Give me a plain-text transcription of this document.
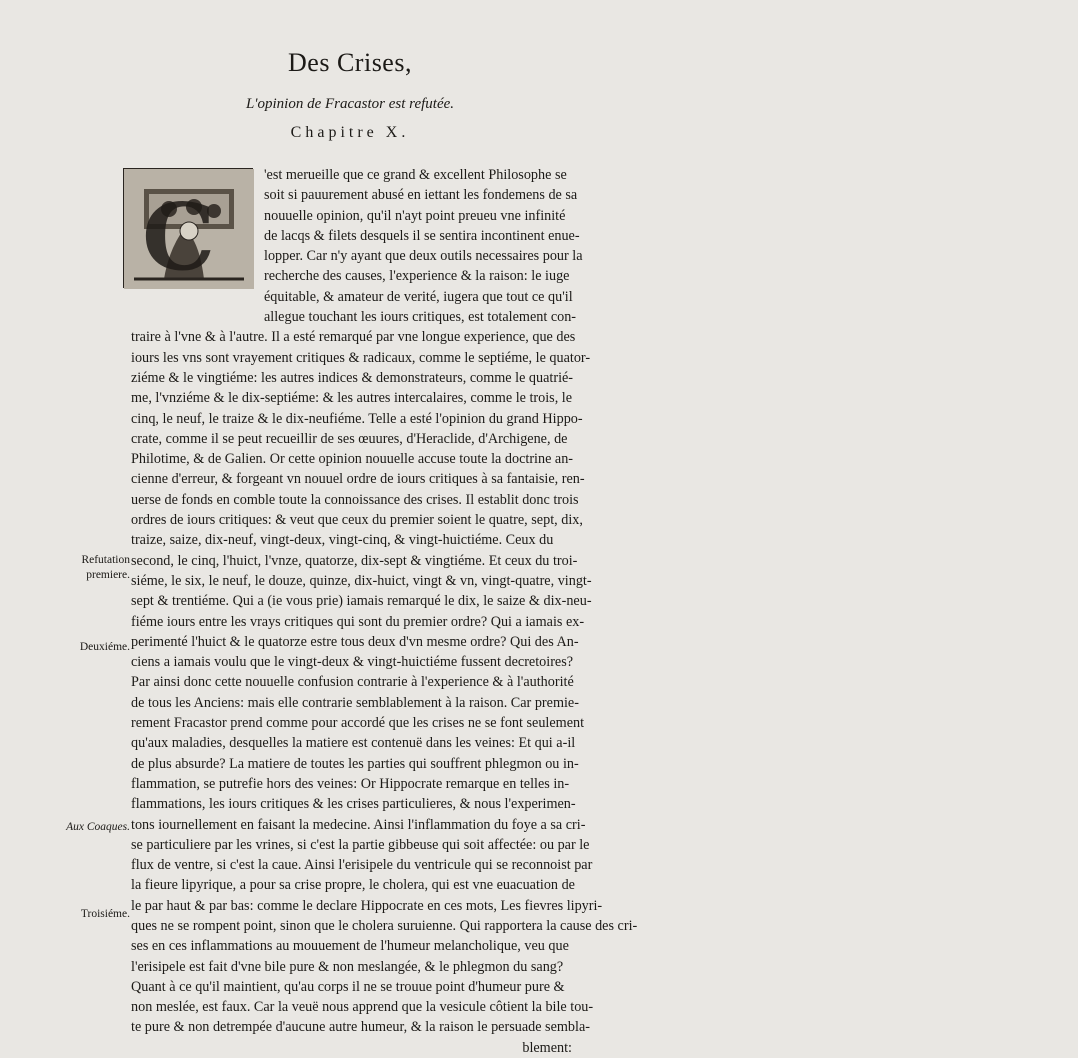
Des Crises,
L'opinion de Fracastor est refutée.
Chapitre X.
C
'est merueille que ce grand & excellent Philosophe se
soit si pauurement abusé en iettant les fondemens de sa
nouuelle opinion, qu'il n'ayt point preueu vne infinité
de lacqs & filets desquels il se sentira incontinent enue-
lopper. Car n'y ayant que deux outils necessaires pour la
recherche des causes, l'experience & la raison: le iuge
équitable, & amateur de verité, iugera que tout ce qu'il
allegue touchant les iours critiques, est totalement con-
traire à l'vne & à l'autre. Il a esté remarqué par vne longue experience, que des
iours les vns sont vrayement critiques & radicaux, comme le septiéme, le quator-
ziéme & le vingtiéme: les autres indices & demonstrateurs, comme le quatrié-
me, l'vnziéme & le dix-septiéme: & les autres intercalaires, comme le trois, le
cinq, le neuf, le traize & le dix-neufiéme. Telle a esté l'opinion du grand Hippo-
crate, comme il se peut recueillir de ses œuures, d'Heraclide, d'Archigene, de
Philotime, & de Galien. Or cette opinion nouuelle accuse toute la doctrine an-
cienne d'erreur, & forgeant vn nouuel ordre de iours critiques à sa fantaisie, ren-
uerse de fonds en comble toute la connoissance des crises. Il establit donc trois
ordres de iours critiques: & veut que ceux du premier soient le quatre, sept, dix,
traize, saize, dix-neuf, vingt-deux, vingt-cinq, & vingt-huictiéme. Ceux du
second, le cinq, l'huict, l'vnze, quatorze, dix-sept & vingtiéme. Et ceux du troi-
siéme, le six, le neuf, le douze, quinze, dix-huict, vingt & vn, vingt-quatre, vingt-
sept & trentiéme. Qui a (ie vous prie) iamais remarqué le dix, le saize & dix-neu-
fiéme iours entre les vrays critiques qui sont du premier ordre? Qui a iamais ex-
perimenté l'huict & le quatorze estre tous deux d'vn mesme ordre? Qui des An-
ciens a iamais voulu que le vingt-deux & vingt-huictiéme fussent decretoires?
Par ainsi donc cette nouuelle confusion contrarie à l'experience & à l'authorité
de tous les Anciens: mais elle contrarie semblablement à la raison. Car premie-
rement Fracastor prend comme pour accordé que les crises ne se font seulement
qu'aux maladies, desquelles la matiere est contenuë dans les veines: Et qui a-il
de plus absurde? La matiere de toutes les parties qui souffrent phlegmon ou in-
flammation, se putrefie hors des veines: Or Hippocrate remarque en telles in-
flammations, les iours critiques & les crises particulieres, & nous l'experimen-
tons iournellement en faisant la medecine. Ainsi l'inflammation du foye a sa cri-
se particuliere par les vrines, si c'est la partie gibbeuse qui soit affectée: ou par le
flux de ventre, si c'est la caue. Ainsi l'erisipele du ventricule qui se reconnoist par
la fieure lipyrique, a pour sa crise propre, le cholera, qui est vne euacuation de
le par haut & par bas: comme le declare Hippocrate en ces mots, Les fievres lipyri-
ques ne se rompent point, sinon que le cholera suruienne. Qui rapportera la cause des cri-
ses en ces inflammations au mouuement de l'humeur melancholique, veu que
l'erisipele est fait d'vne bile pure & non meslangée, & le phlegmon du sang?
Quant à ce qu'il maintient, qu'au corps il ne se trouue point d'humeur pure &
non meslée, est faux. Car la veuë nous apprend que la vesicule côtient la bile tou-
te pure & non detrempée d'aucune autre humeur, & la raison le persuade sembla-
blement:
Refutation premiere.
Deuxiéme.
Aux Coaques.
Troisiéme.
